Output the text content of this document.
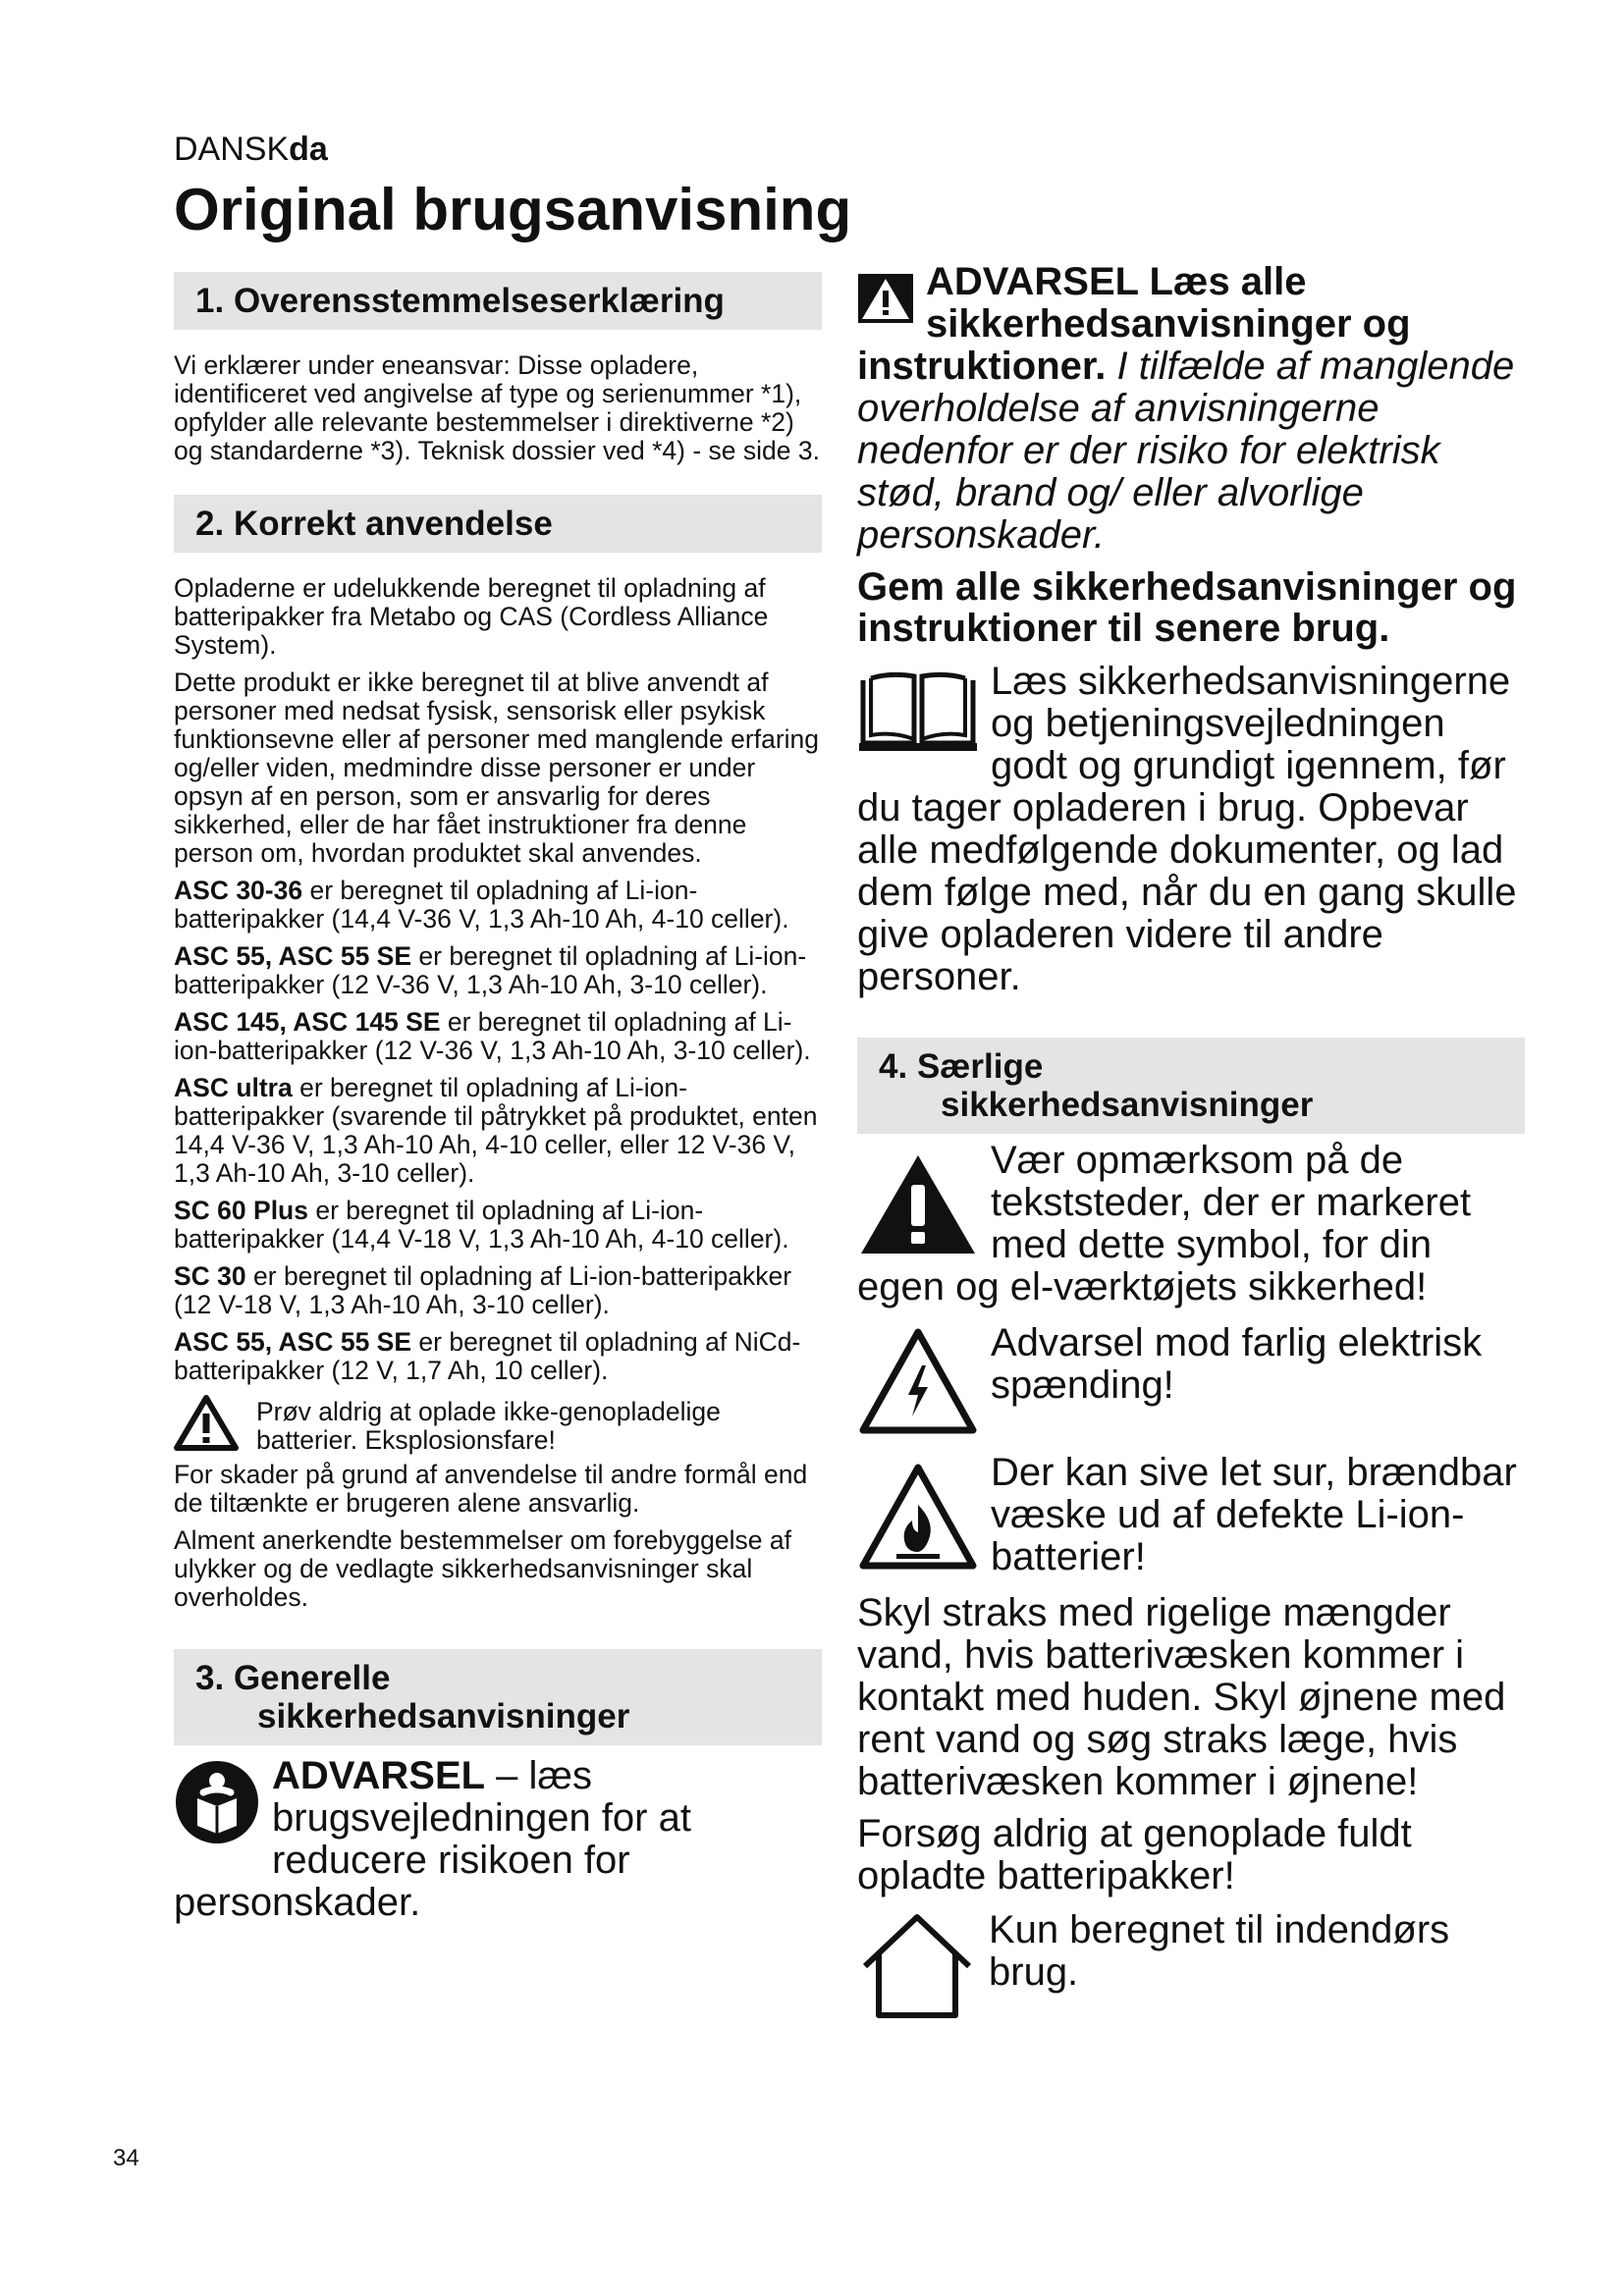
DANSKda
Original brugsanvisning
1. Overensstemmelseserklæring

Vi erklærer under eneansvar: Disse opladere, identificeret ved angivelse af type og serienummer *1), opfylder alle relevante bestemmelser i direktiverne *2) og standarderne *3). Teknisk dossier ved *4) - se side 3.

2. Korrekt anvendelse

Opladerne er udelukkende beregnet til opladning af batteripakker fra Metabo og CAS (Cordless Alliance System).

Dette produkt er ikke beregnet til at blive anvendt af personer med nedsat fysisk, sensorisk eller psykisk funktionsevne eller af personer med manglende erfaring og/eller viden, medmindre disse personer er under opsyn af en person, som er ansvarlig for deres sikkerhed, eller de har fået instruktioner fra denne person om, hvordan produktet skal anvendes.

ASC 30-36 er beregnet til opladning af Li-ion-batteripakker (14,4 V-36 V, 1,3 Ah-10 Ah, 4-10 celler).

ASC 55, ASC 55 SE er beregnet til opladning af Li-ion-batteripakker (12 V-36 V, 1,3 Ah-10 Ah, 3-10 celler).

ASC 145, ASC 145 SE er beregnet til opladning af Li-ion-batteripakker (12 V-36 V, 1,3 Ah-10 Ah, 3-10 celler).

ASC ultra er beregnet til opladning af Li-ion-batteripakker (svarende til påtrykket på produktet, enten 14,4 V-36 V, 1,3 Ah-10 Ah, 4-10 celler, eller 12 V-36 V, 1,3 Ah-10 Ah, 3-10 celler).

SC 60 Plus er beregnet til opladning af Li-ion-batteripakker (14,4 V-18 V, 1,3 Ah-10 Ah, 4-10 celler).

SC 30 er beregnet til opladning af Li-ion-batteripakker (12 V-18 V, 1,3 Ah-10 Ah, 3-10 celler).

ASC 55, ASC 55 SE er beregnet til opladning af NiCd-batteripakker (12 V, 1,7 Ah, 10 celler).

Prøv aldrig at oplade ikke-genopladelige batterier. Eksplosionsfare!

For skader på grund af anvendelse til andre formål end de tiltænkte er brugeren alene ansvarlig.

Alment anerkendte bestemmelser om forebyggelse af ulykker og de vedlagte sikkerhedsanvisninger skal overholdes.

3. Generelle
sikkerhedsanvisninger

ADVARSEL – læs brugsvejledningen for at reducere risikoen for personskader.

ADVARSEL Læs alle sikkerhedsanvisninger og instruktioner. I tilfælde af manglende overholdelse af anvisningerne nedenfor er der risiko for elektrisk stød, brand og/ eller alvorlige personskader.

Gem alle sikkerhedsanvisninger og instruktioner til senere brug.

Læs sikkerhedsanvisningerne og betjeningsvejledningen godt og grundigt igennem, før du tager opladeren i brug. Opbevar alle medfølgende dokumenter, og lad dem følge med, når du en gang skulle give opladeren videre til andre personer.

4. Særlige
sikkerhedsanvisninger

Vær opmærksom på de tekststeder, der er markeret med dette symbol, for din egen og el-værktøjets sikkerhed!

Advarsel mod farlig elektrisk spænding!

Der kan sive let sur, brændbar væske ud af defekte Li-ion-batterier!

Skyl straks med rigelige mængder vand, hvis batterivæsken kommer i kontakt med huden. Skyl øjnene med rent vand og søg straks læge, hvis batterivæsken kommer i øjnene!

Forsøg aldrig at genoplade fuldt opladte batteripakker!

Kun beregnet til indendørs brug.

34
